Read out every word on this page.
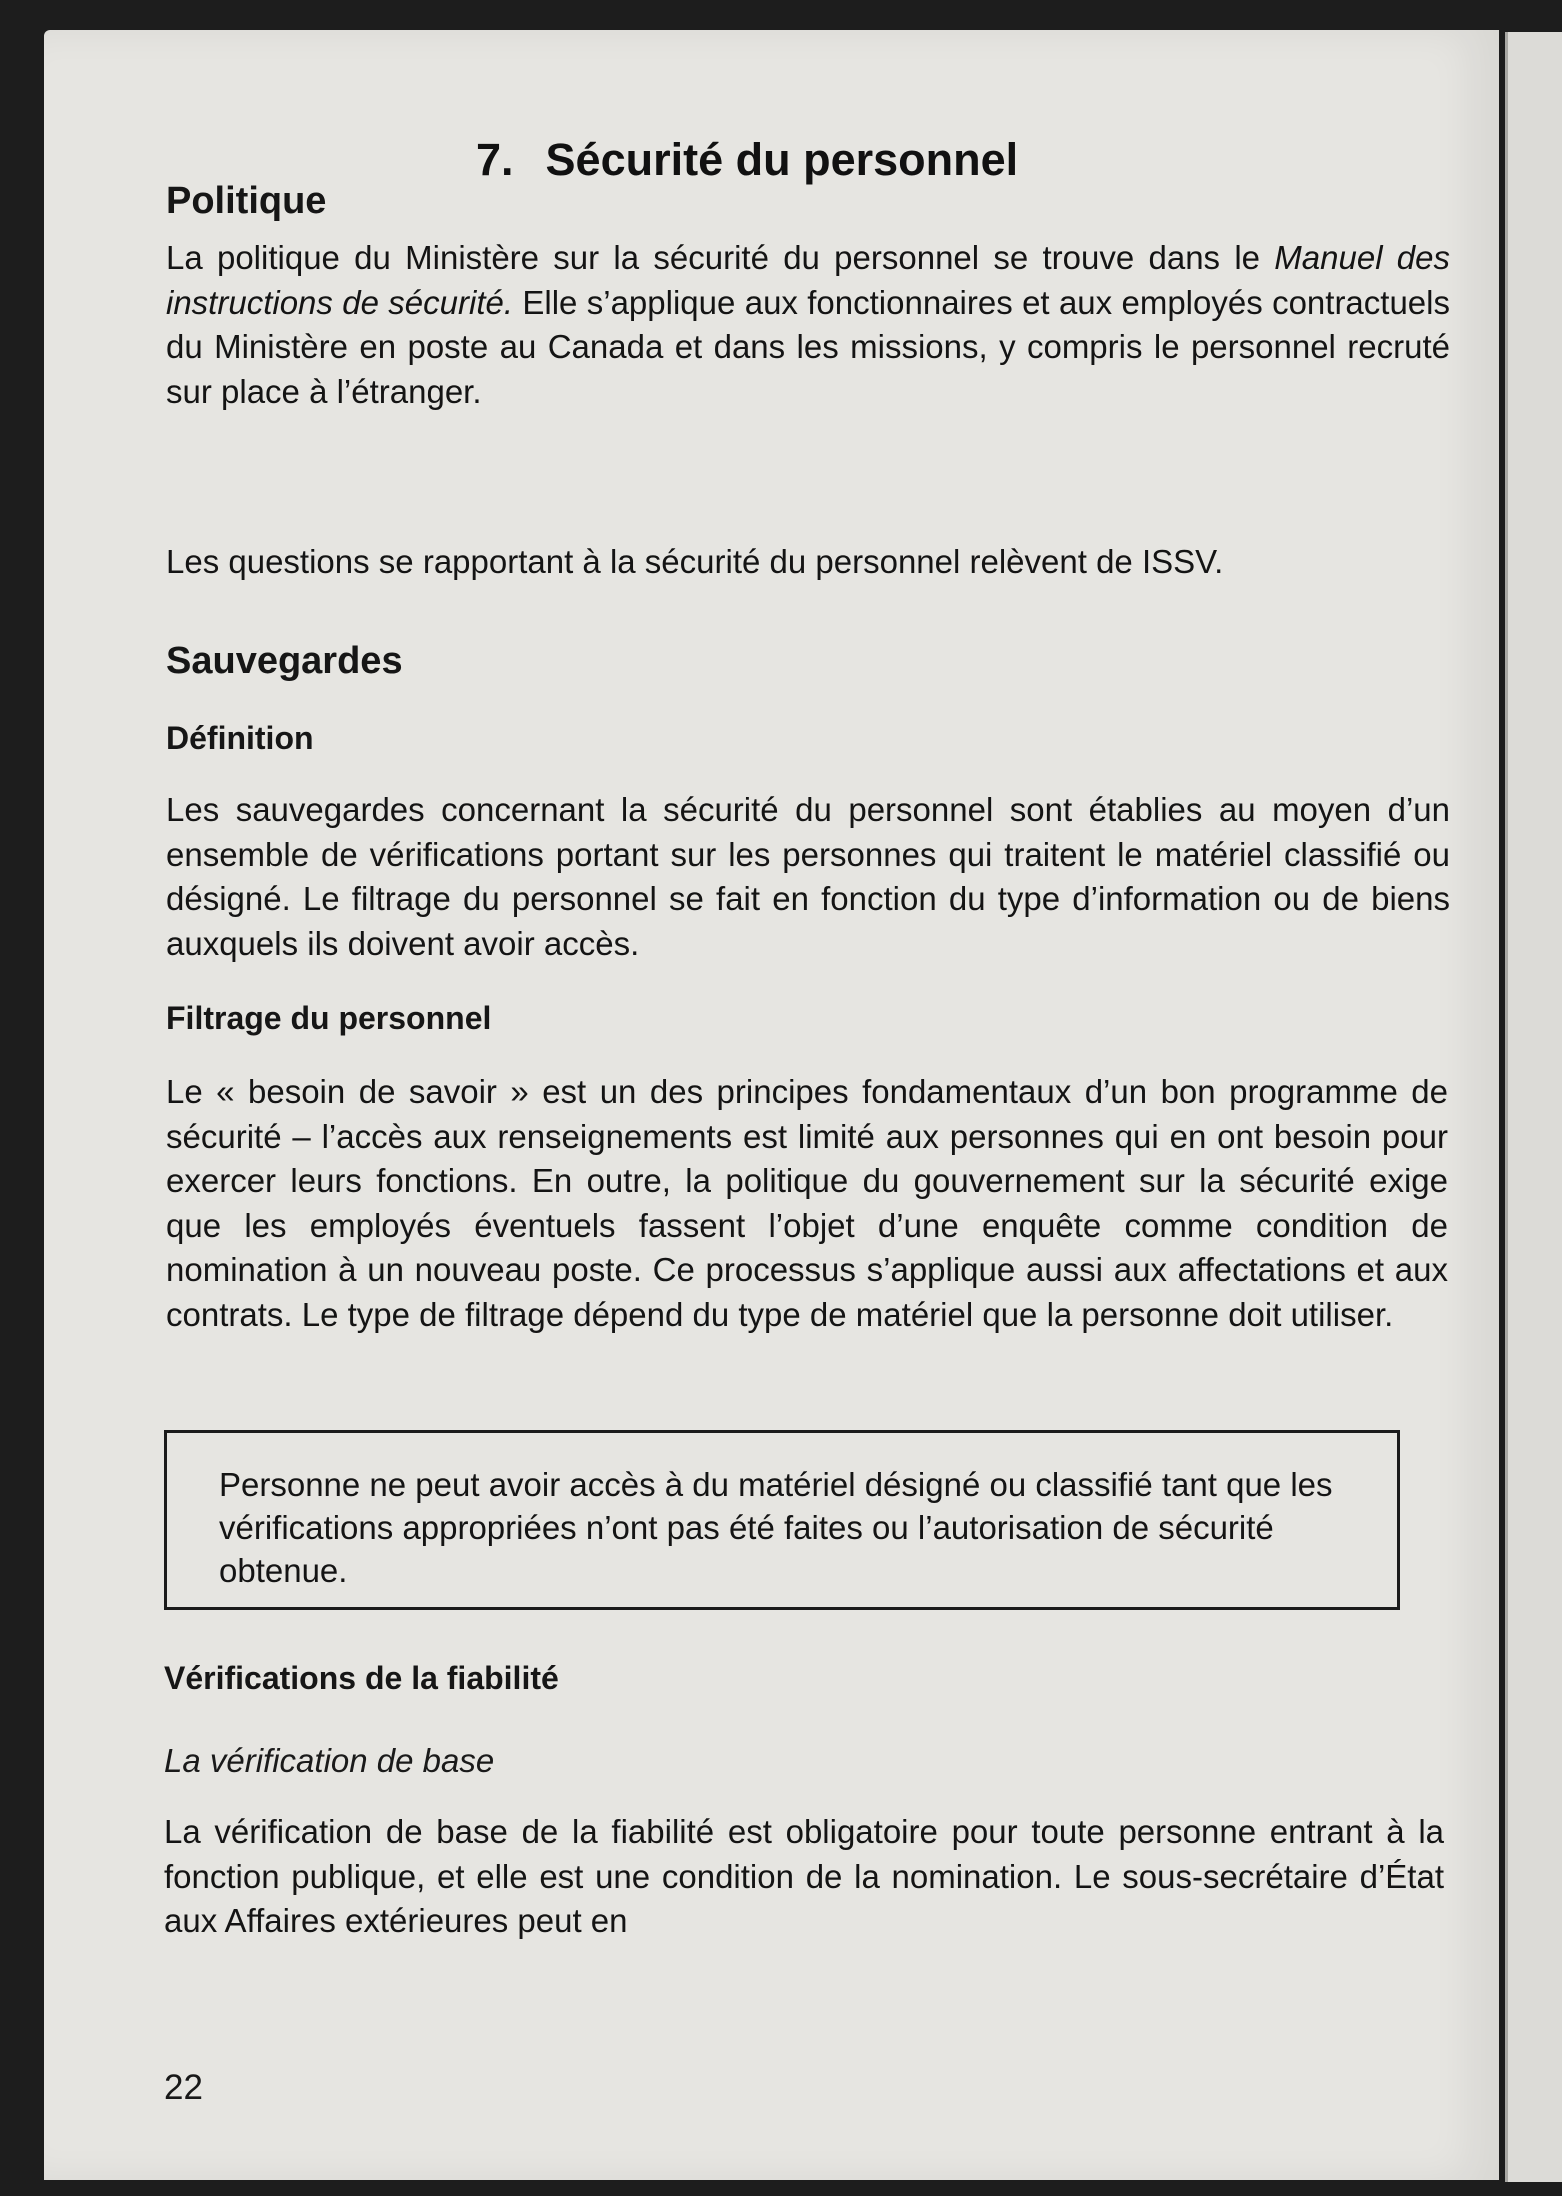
7. Sécurité du personnel
Politique

La politique du Ministère sur la sécurité du personnel se trouve dans le Manuel des instructions de sécurité. Elle s’applique aux fonctionnaires et aux employés contractuels du Ministère en poste au Canada et dans les missions, y compris le personnel recruté sur place à l’étranger.

Les questions se rapportant à la sécurité du personnel relèvent de ISSV.

Sauvegardes
Définition

Les sauvegardes concernant la sécurité du personnel sont établies au moyen d’un ensemble de vérifications portant sur les personnes qui traitent le matériel classifié ou désigné. Le filtrage du personnel se fait en fonction du type d’information ou de biens auxquels ils doivent avoir accès.

Filtrage du personnel

Le « besoin de savoir » est un des principes fondamentaux d’un bon programme de sécurité – l’accès aux renseignements est limité aux personnes qui en ont besoin pour exercer leurs fonctions. En outre, la politique du gouvernement sur la sécurité exige que les employés éventuels fassent l’objet d’une enquête comme condition de nomination à un nouveau poste. Ce processus s’applique aussi aux affectations et aux contrats. Le type de filtrage dépend du type de matériel que la personne doit utiliser.

Personne ne peut avoir accès à du matériel désigné ou classifié tant que les vérifications appropriées n’ont pas été faites ou l’autorisation de sécurité obtenue.

Vérifications de la fiabilité

La vérification de base

La vérification de base de la fiabilité est obligatoire pour toute personne entrant à la fonction publique, et elle est une condition de la nomination. Le sous-secrétaire d’État aux Affaires extérieures peut en

22
